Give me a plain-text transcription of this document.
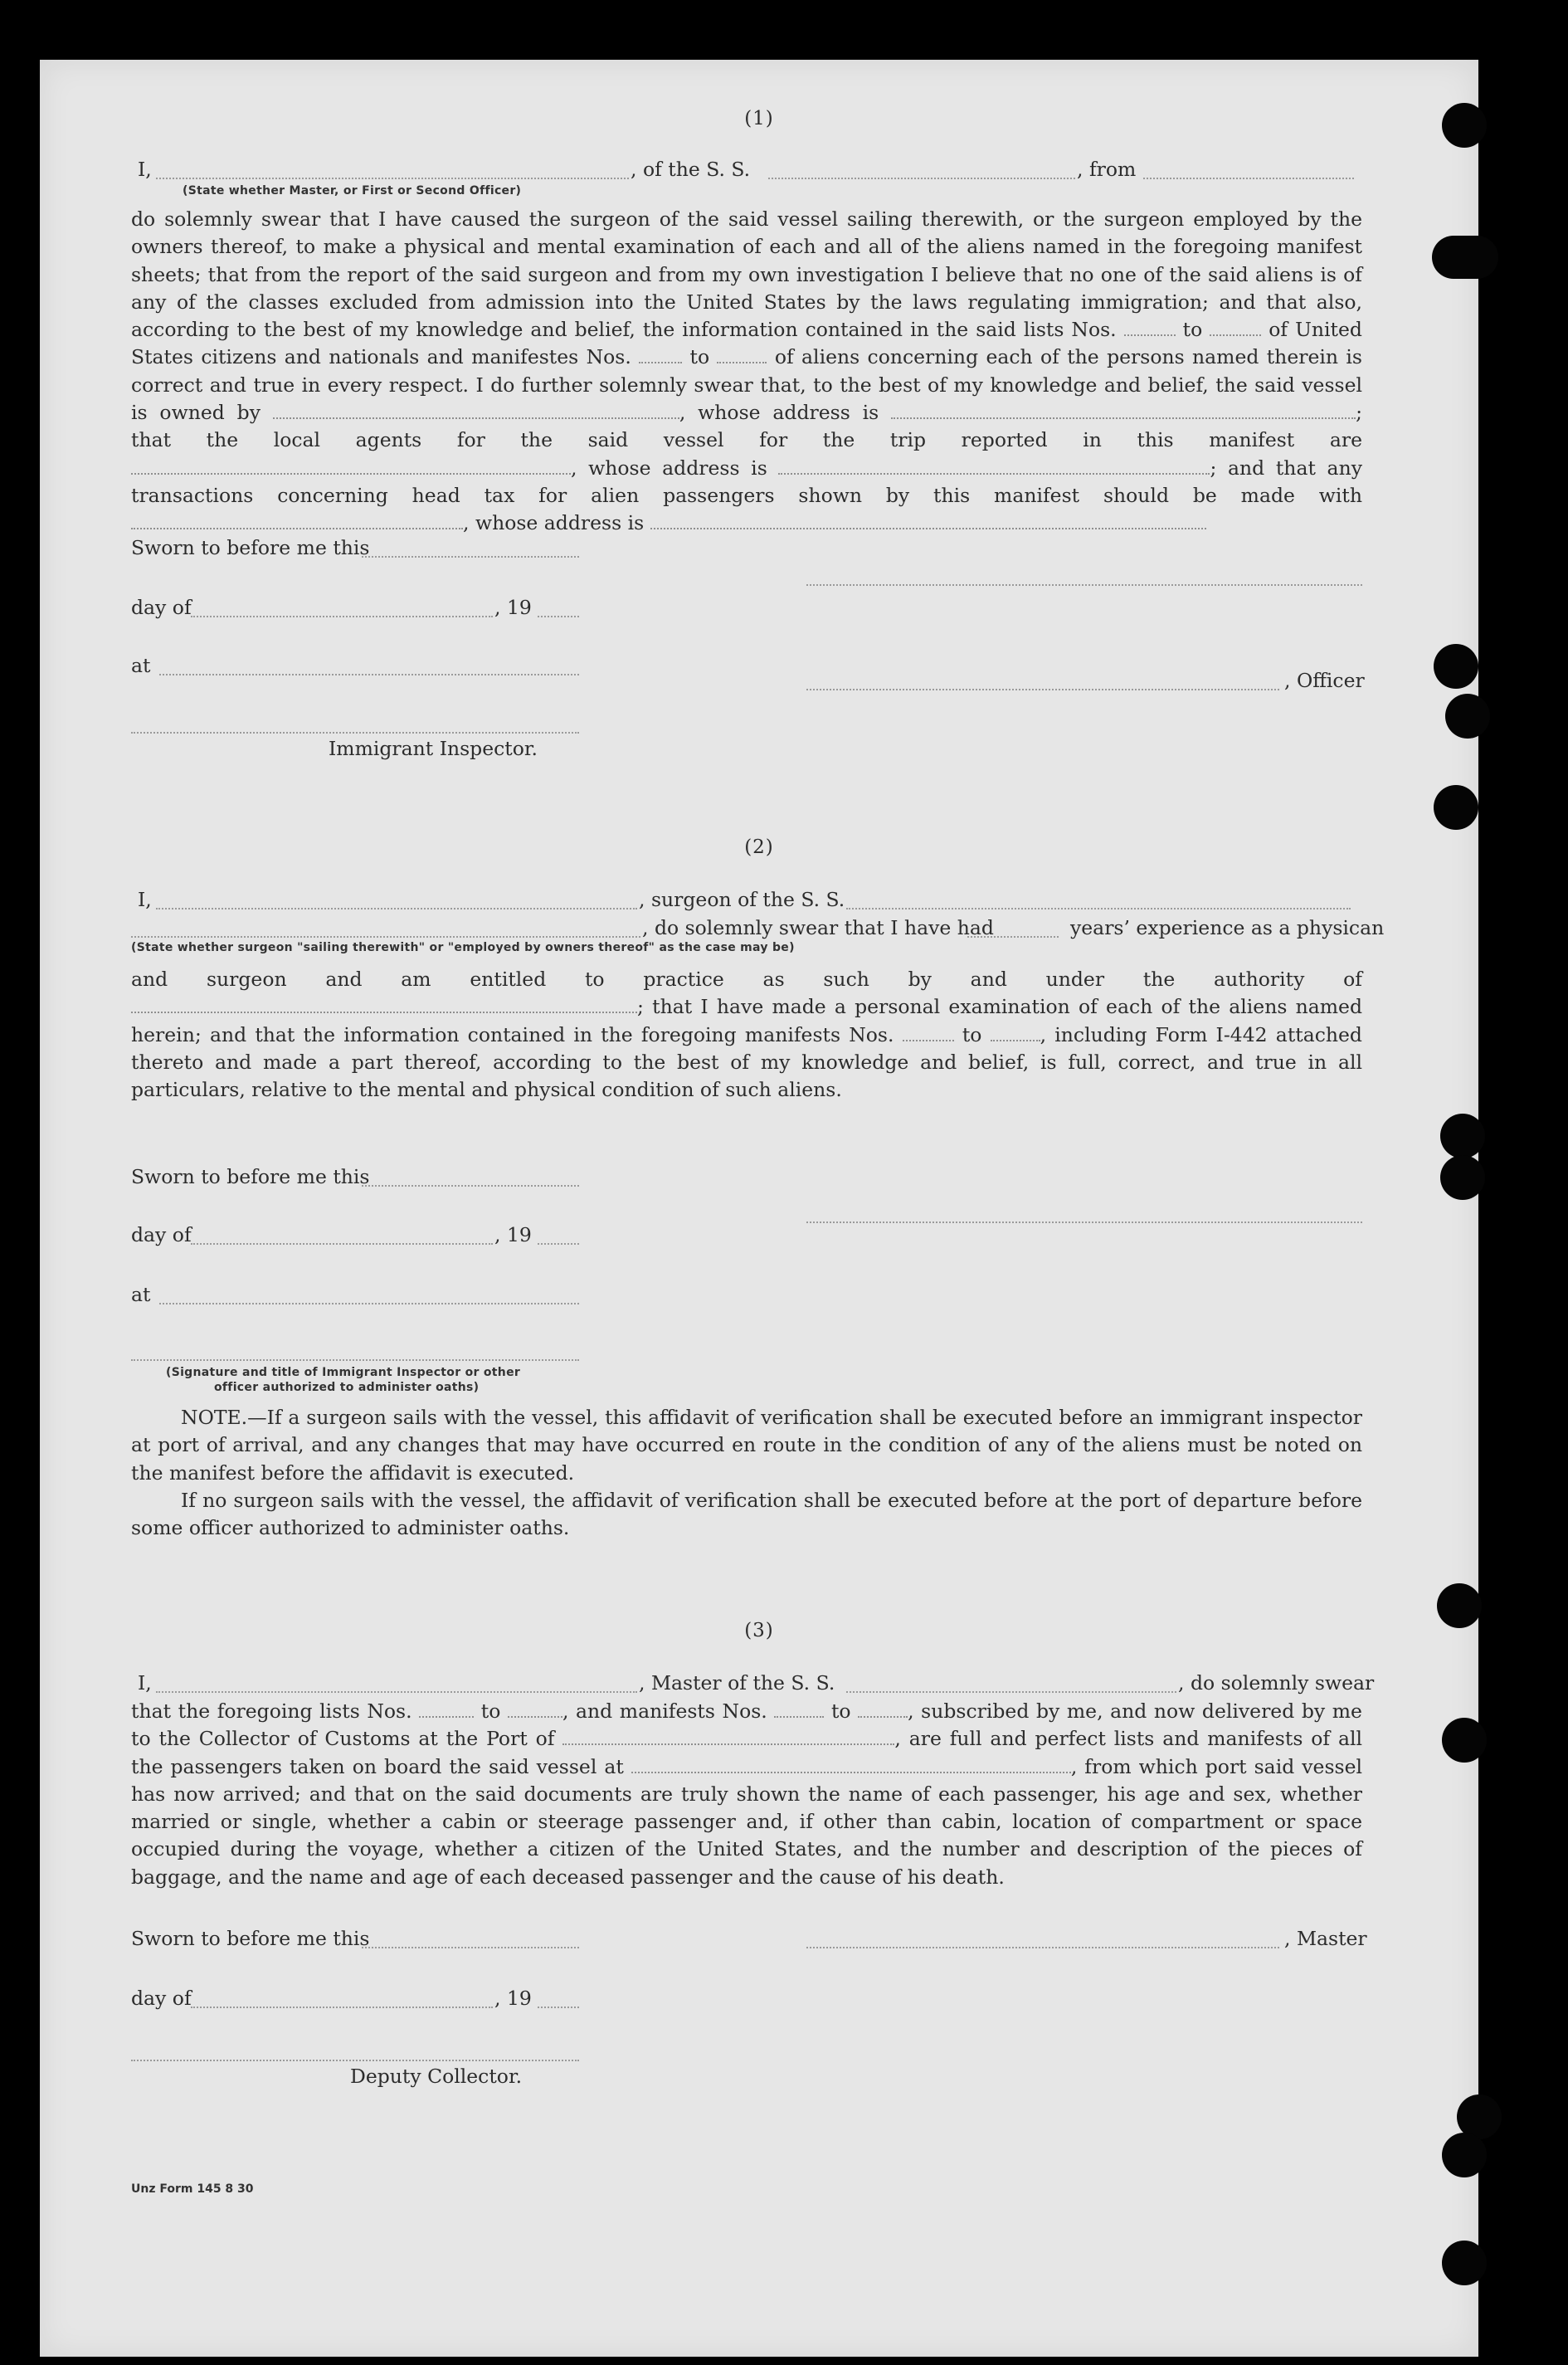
(1)
I,	, of the S. S.	, from
(State whether Master, or First or Second Officer)

do solemnly swear that I have caused the surgeon of the said vessel sailing therewith, or the surgeon employed by the owners thereof, to make a physical and mental examination of each and all of the aliens named in the foregoing manifest sheets; that from the report of the said surgeon and from my own investigation I believe that no one of the said aliens is of any of the classes excluded from admission into the United States by the laws regulating immigration; and that also, according to the best of my knowledge and belief, the information contained in the said lists Nos.	to	of United States citizens and nationals and manifestes Nos.	to	of aliens concerning each of the persons named therein is correct and true in every respect. I do further solemnly swear that, to the best of my knowledge and belief, the said vessel is owned by	, whose address is	; that the local agents for the said vessel for the trip reported in this manifest are , whose address is	; and that any transactions concerning head tax for alien passengers shown by this manifest should be made with , whose address is

Sworn to before me this
day of	, 19
at
, Officer
Immigrant Inspector.
(2)
I,	, surgeon of the S. S.
, do solemnly swear that I have had	years’ experience as a physican
(State whether surgeon "sailing therewith" or "employed by owners thereof" as the case may be)

and surgeon and am entitled to practice as such by and under the authority of ; that I have made a personal examination of each of the aliens named herein; and that the information contained in the foregoing manifests Nos.	to	, including Form I-442 attached thereto and made a part thereof, according to the best of my knowledge and belief, is full, correct, and true in all particulars, relative to the mental and physical condition of such aliens.

Sworn to before me this
day of	, 19
at
(Signature and title of Immigrant Inspector or other
officer authorized to administer oaths)

NOTE.—If a surgeon sails with the vessel, this affidavit of verification shall be executed before an immigrant inspector at port of arrival, and any changes that may have occurred en route in the condition of any of the aliens must be noted on the manifest before the affidavit is executed.

If no surgeon sails with the vessel, the affidavit of verification shall be executed before at the port of departure before some officer authorized to administer oaths.

(3)
I,	, Master of the S. S.	, do solemnly swear

that the foregoing lists Nos.	to	, and manifests Nos.	to	, subscribed by me, and now delivered by me to the Collector of Customs at the Port of	, are full and perfect lists and manifests of all the passengers taken on board the said vessel at	, from which port said vessel has now arrived; and that on the said documents are truly shown the name of each passenger, his age and sex, whether married or single, whether a cabin or steerage passenger and, if other than cabin, location of compartment or space occupied during the voyage, whether a citizen of the United States, and the number and description of the pieces of baggage, and the name and age of each deceased passenger and the cause of his death.

Sworn to before me this	, Master
day of	, 19
Deputy Collector.
Unz Form 145 8 30
